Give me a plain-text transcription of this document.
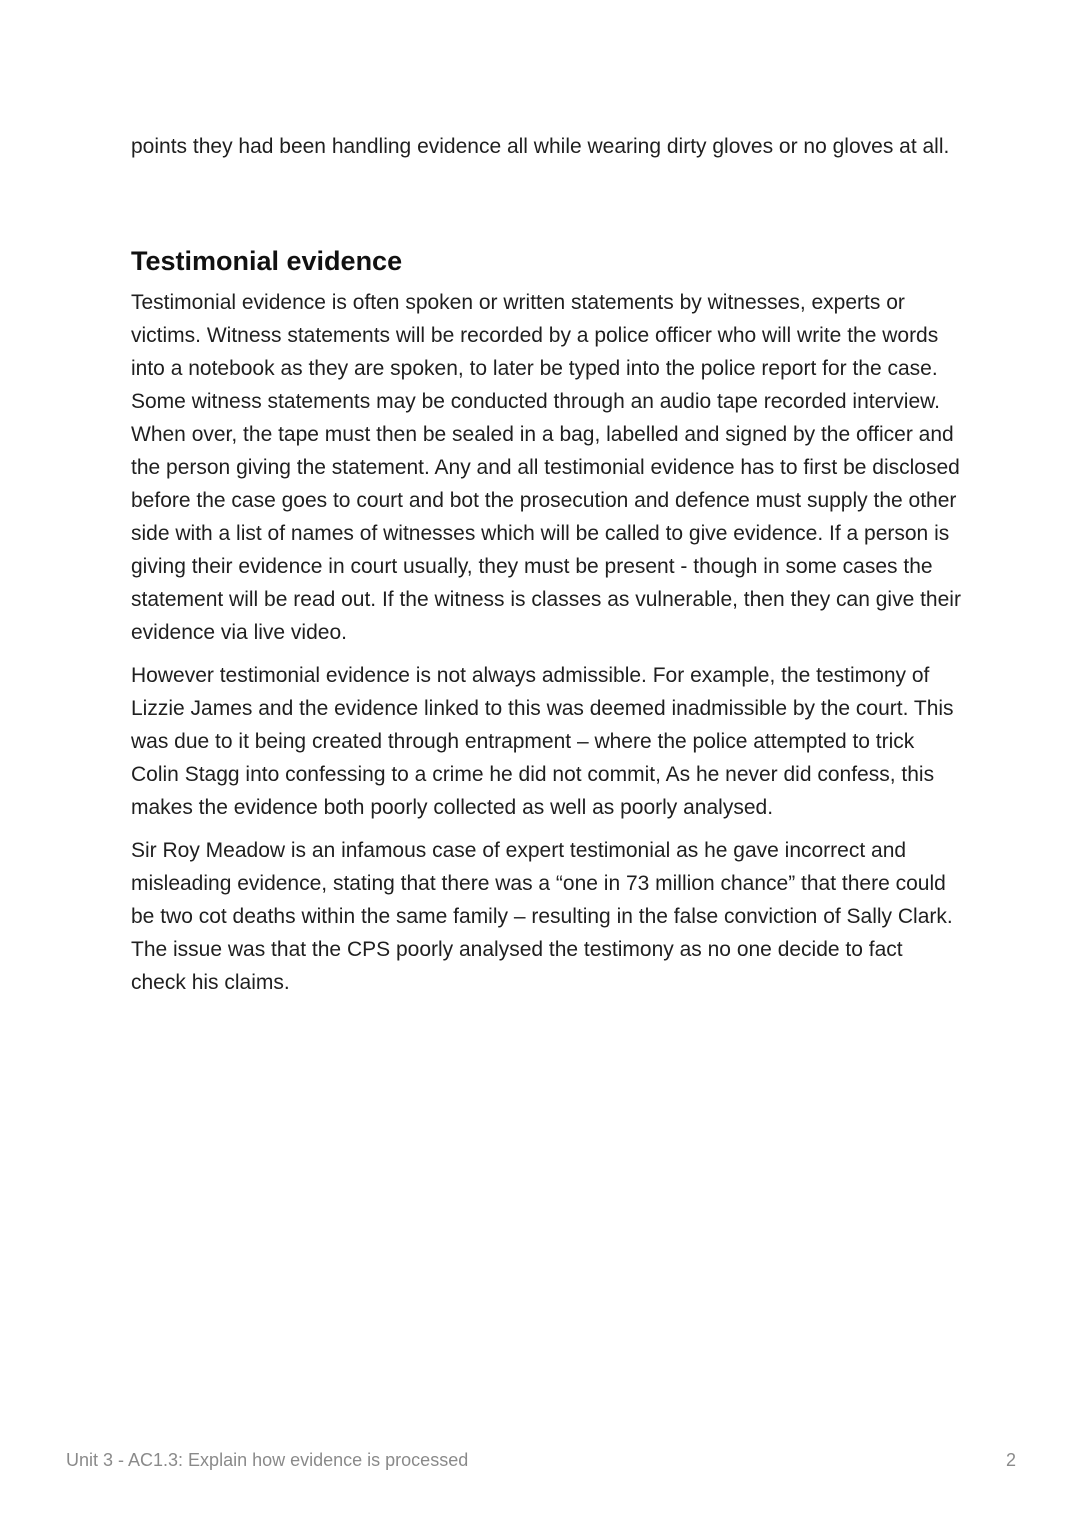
points they had been handling evidence all while wearing dirty gloves or no gloves at all.

Testimonial evidence

Testimonial evidence is often spoken or written statements by witnesses, experts or victims. Witness statements will be recorded by a police officer who will write the words into a notebook as they are spoken, to later be typed into the police report for the case. Some witness statements may be conducted through an audio tape recorded interview. When over, the tape must then be sealed in a bag, labelled and signed by the officer and the person giving the statement. Any and all testimonial evidence has to first be disclosed before the case goes to court and bot the prosecution and defence must supply the other side with a list of names of witnesses which will be called to give evidence. If a person is giving their evidence in court usually, they must be present - though in some cases the statement will be read out. If the witness is classes as vulnerable, then they can give their evidence via live video.

However testimonial evidence is not always admissible. For example, the testimony of Lizzie James and the evidence linked to this was deemed inadmissible by the court. This was due to it being created through entrapment – where the police attempted to trick Colin Stagg into confessing to a crime he did not commit, As he never did confess, this makes the evidence both poorly collected as well as poorly analysed.

Sir Roy Meadow is an infamous case of expert testimonial as he gave incorrect and misleading evidence, stating that there was a “one in 73 million chance” that there could be two cot deaths within the same family – resulting in the false conviction of Sally Clark. The issue was that the CPS poorly analysed the testimony as no one decide to fact check his claims.

Unit 3 - AC1.3: Explain how evidence is processed	2
